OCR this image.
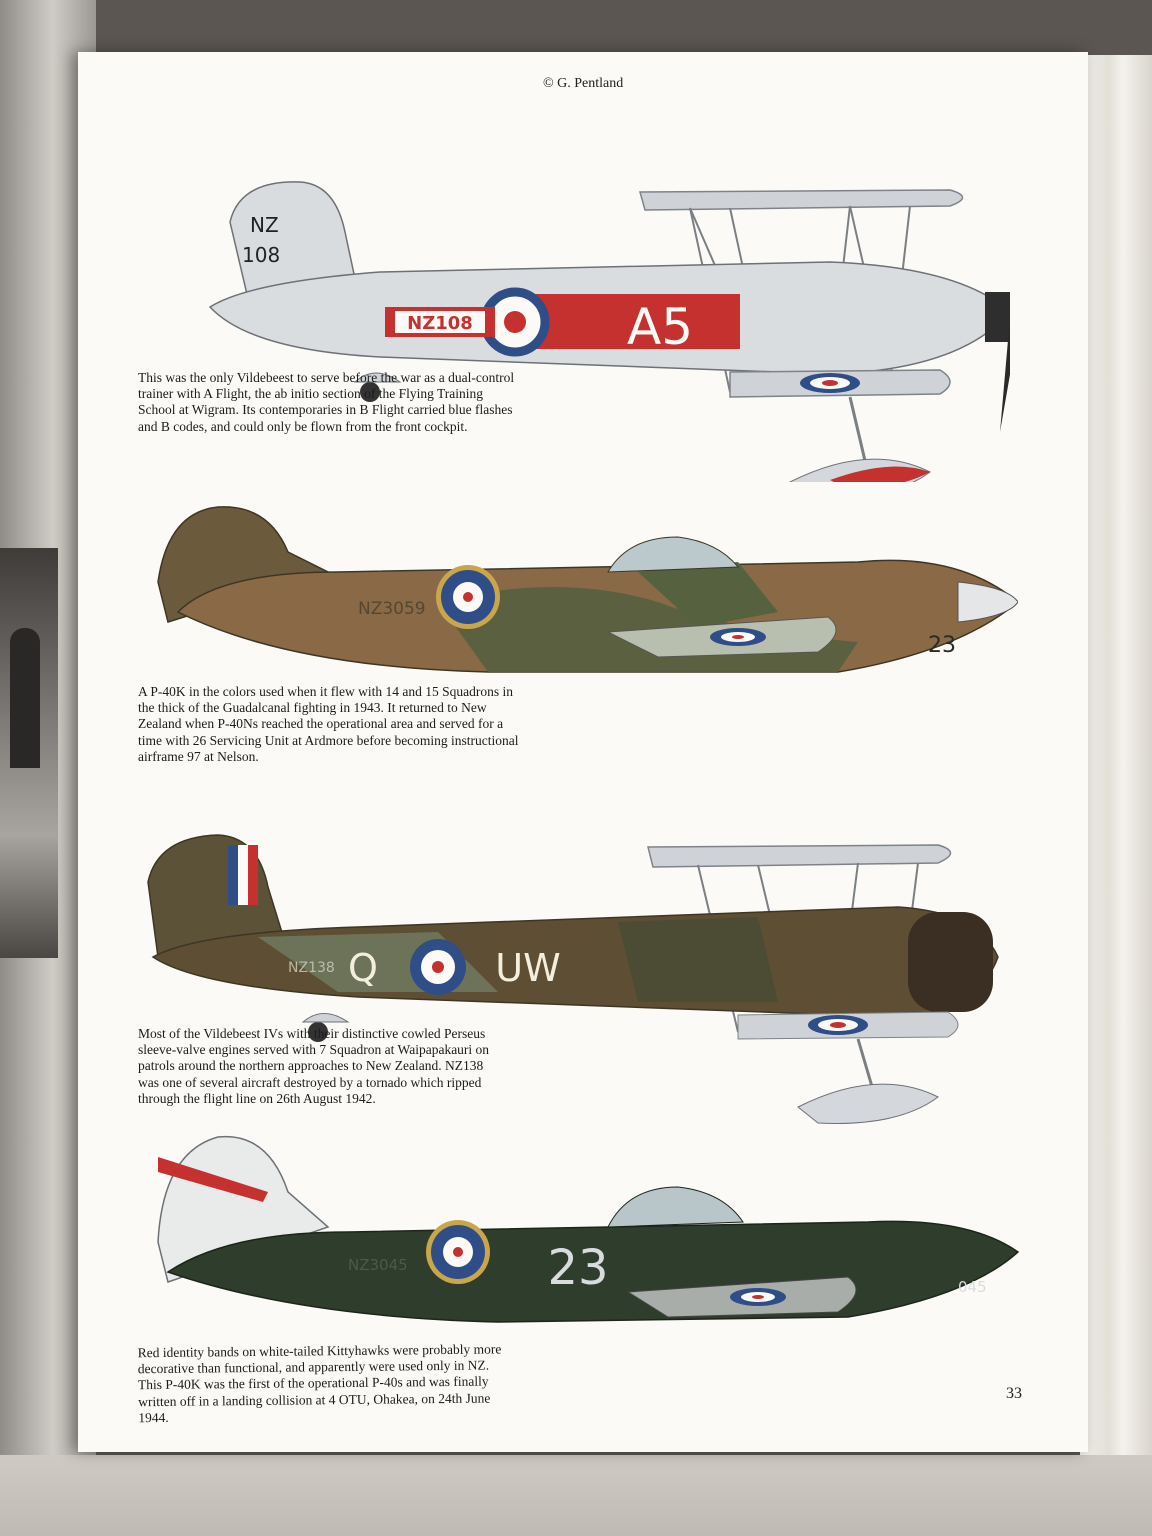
© G. Pentland
NZ108	A5
NZ
108
This was the only Vildebeest to serve before the war as a dual-control
trainer with A Flight, the ab initio section of the Flying Training
School at Wigram. Its contemporaries in B Flight carried blue flashes
and B codes, and could only be flown from the front cockpit.
NZ3059
23
A P-40K in the colors used when it flew with 14 and 15 Squadrons in
the thick of the Guadalcanal fighting in 1943. It returned to New
Zealand when P-40Ns reached the operational area and served for a
time with 26 Servicing Unit at Ardmore before becoming instructional
airframe 97 at Nelson.
Q	UW
NZ138
Most of the Vildebeest IVs with their distinctive cowled Perseus
sleeve-valve engines served with 7 Squadron at Waipapakauri on
patrols around the northern approaches to New Zealand. NZ138
was one of several aircraft destroyed by a tornado which ripped
through the flight line on 26th August 1942.
23
NZ3045
045
Red identity bands on white-tailed Kittyhawks were probably more
decorative than functional, and apparently were used only in NZ.
This P-40K was the first of the operational P-40s and was finally
written off in a landing collision at 4 OTU, Ohakea, on 24th June
1944.
33
